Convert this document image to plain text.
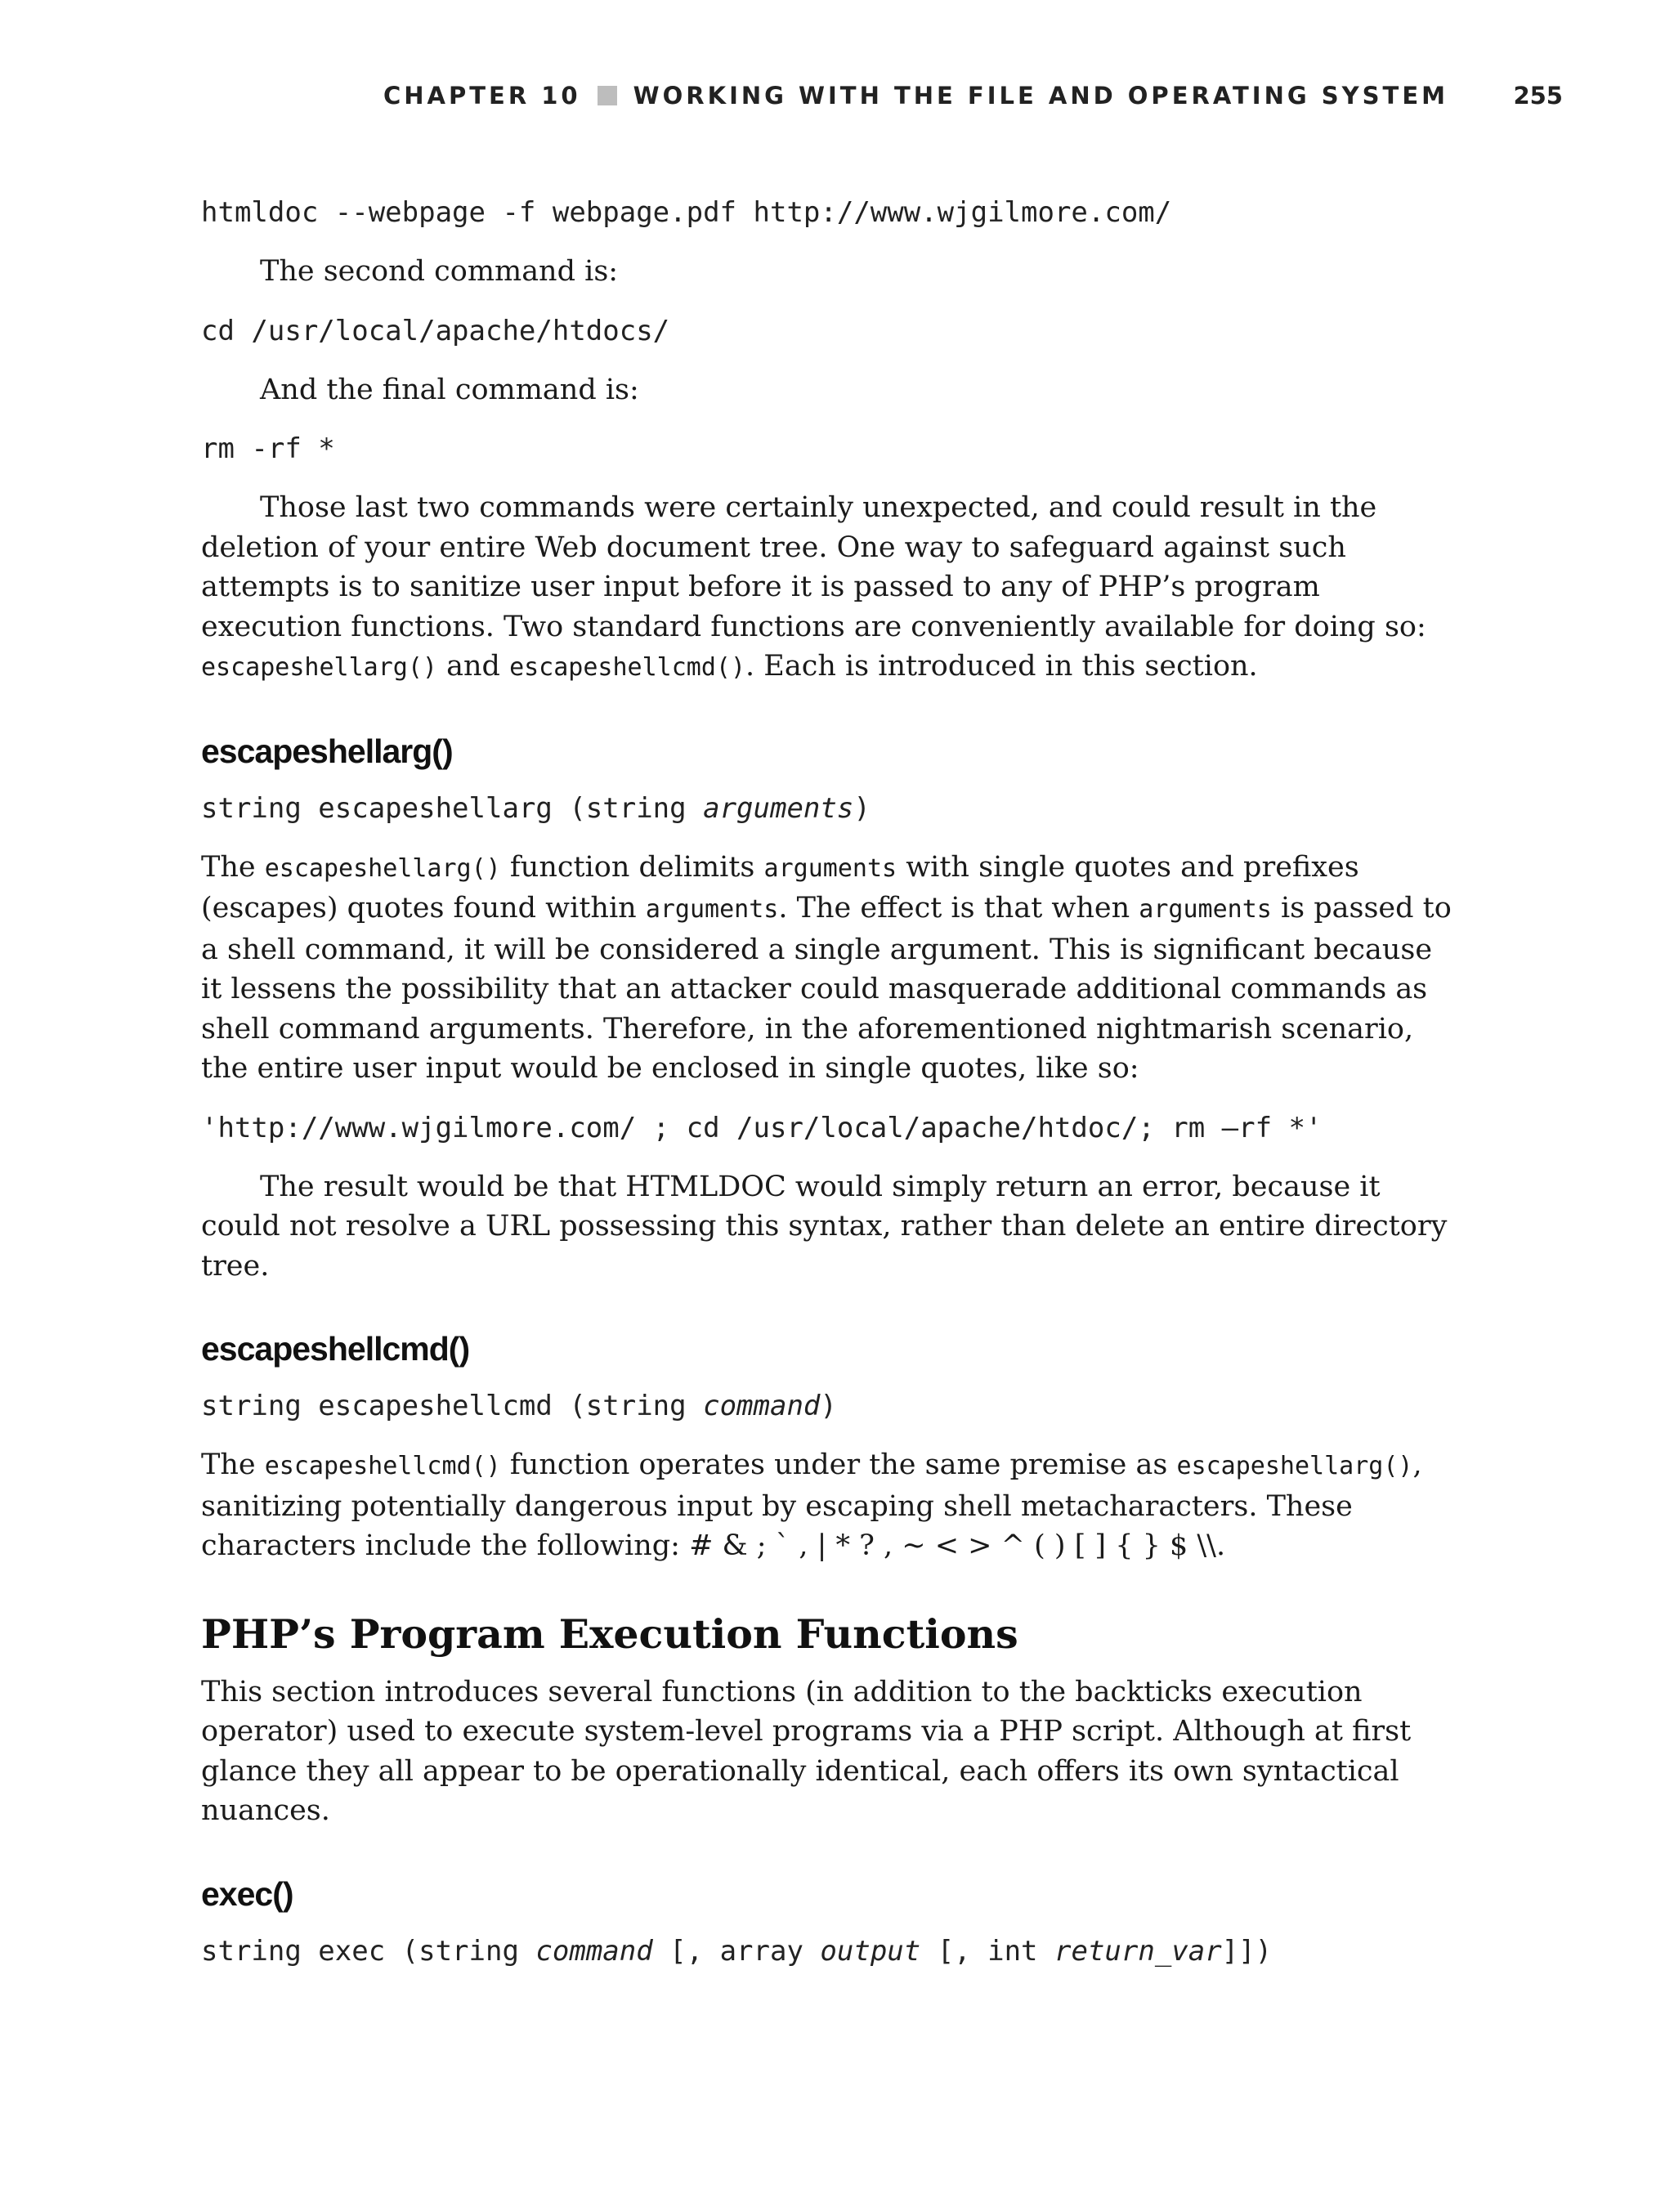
CHAPTER 10 WORKING WITH THE FILE AND OPERATING SYSTEM	255
htmldoc --webpage -f webpage.pdf http://www.wjgilmore.com/

The second command is:

cd /usr/local/apache/htdocs/

And the final command is:

rm -rf *

Those last two commands were certainly unexpected, and could result in the deletion of your entire Web document tree. One way to safeguard against such attempts is to sanitize user input before it is passed to any of PHP’s program execution functions. Two standard functions are conveniently available for doing so: escapeshellarg() and escapeshellcmd(). Each is introduced in this section.

escapeshellarg()
string escapeshellarg (string arguments)

The escapeshellarg() function delimits arguments with single quotes and prefixes (escapes) quotes found within arguments. The effect is that when arguments is passed to a shell command, it will be considered a single argument. This is significant because it lessens the possibility that an attacker could masquerade additional commands as shell command arguments. Therefore, in the aforementioned nightmarish scenario, the entire user input would be enclosed in single quotes, like so:

'http://www.wjgilmore.com/ ; cd /usr/local/apache/htdoc/; rm –rf *'

The result would be that HTMLDOC would simply return an error, because it could not resolve a URL possessing this syntax, rather than delete an entire directory tree.

escapeshellcmd()
string escapeshellcmd (string command)

The escapeshellcmd() function operates under the same premise as escapeshellarg(), sanitizing potentially dangerous input by escaping shell metacharacters. These characters include the following: # & ; ` , | * ? , ~ < > ^ ( ) [ ] { } $ \\.

PHP’s Program Execution Functions

This section introduces several functions (in addition to the backticks execution operator) used to execute system-level programs via a PHP script. Although at first glance they all appear to be operationally identical, each offers its own syntactical nuances.

exec()
string exec (string command [, array output [, int return_var]])
